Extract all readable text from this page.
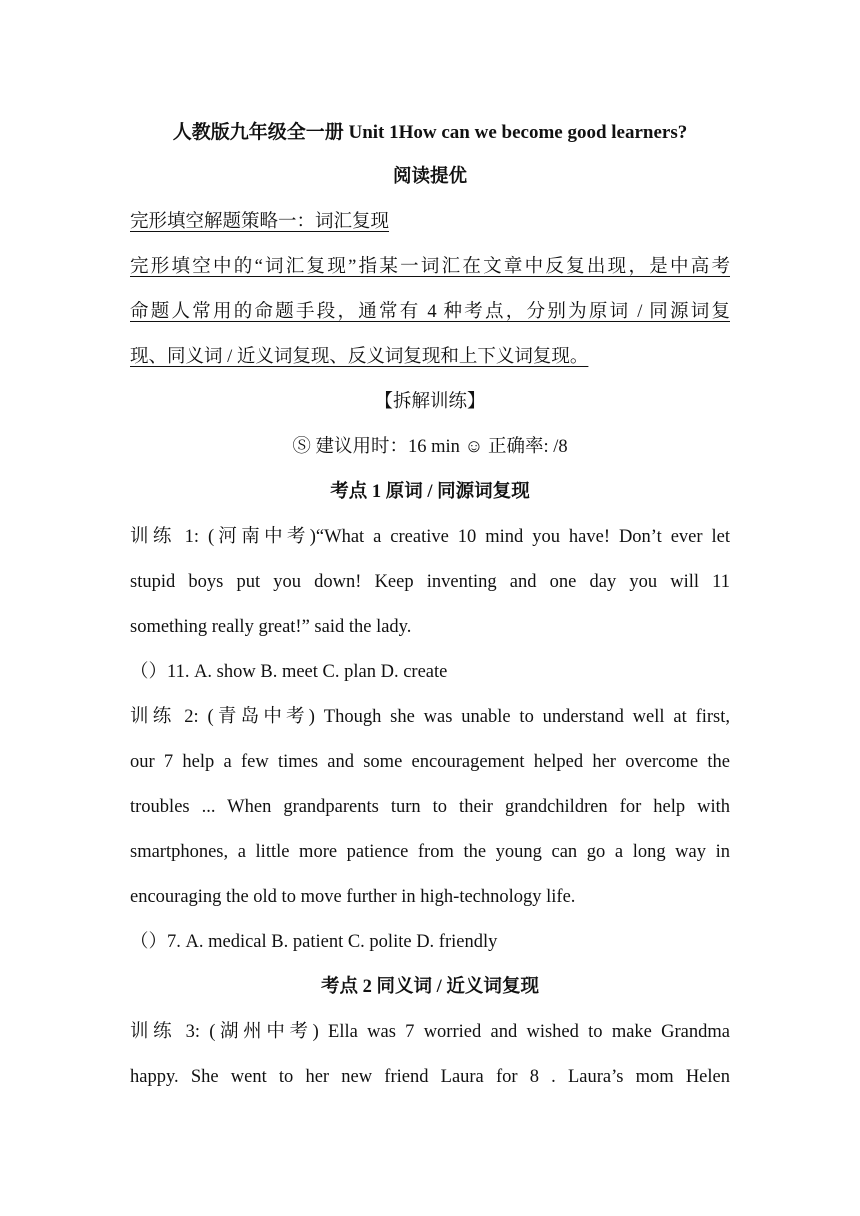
人教版九年级全一册 Unit 1How can we become good learners?
阅读提优
完形填空解题策略一：词汇复现
完形填空中的“词汇复现”指某一词汇在文章中反复出现，是中高考
命题人常用的命题手段，通常有 4 种考点，分别为原词 / 同源词复
现、同义词 / 近义词复现、反义词复现和上下义词复现。
【拆解训练】
Ⓢ 建议用时：16 min ☺ 正确率: /8
考点 1 原词 / 同源词复现
训练 1: (河南中考)“What a creative 10 mind you have! Don’t ever let
stupid boys put you down! Keep inventing and one day you will 11
something really great!” said the lady.
（）11. A. show B. meet C. plan D. create
训练 2: (青岛中考) Though she was unable to understand well at first,
our 7 help a few times and some encouragement helped her overcome the
troubles ... When grandparents turn to their grandchildren for help with
smartphones, a little more patience from the young can go a long way in
encouraging the old to move further in high-technology life.
（）7. A. medical B. patient C. polite D. friendly
考点 2 同义词 / 近义词复现
训练 3: (湖州中考) Ella was 7 worried and wished to make Grandma
happy. She went to her new friend Laura for 8 . Laura’s mom Helen
